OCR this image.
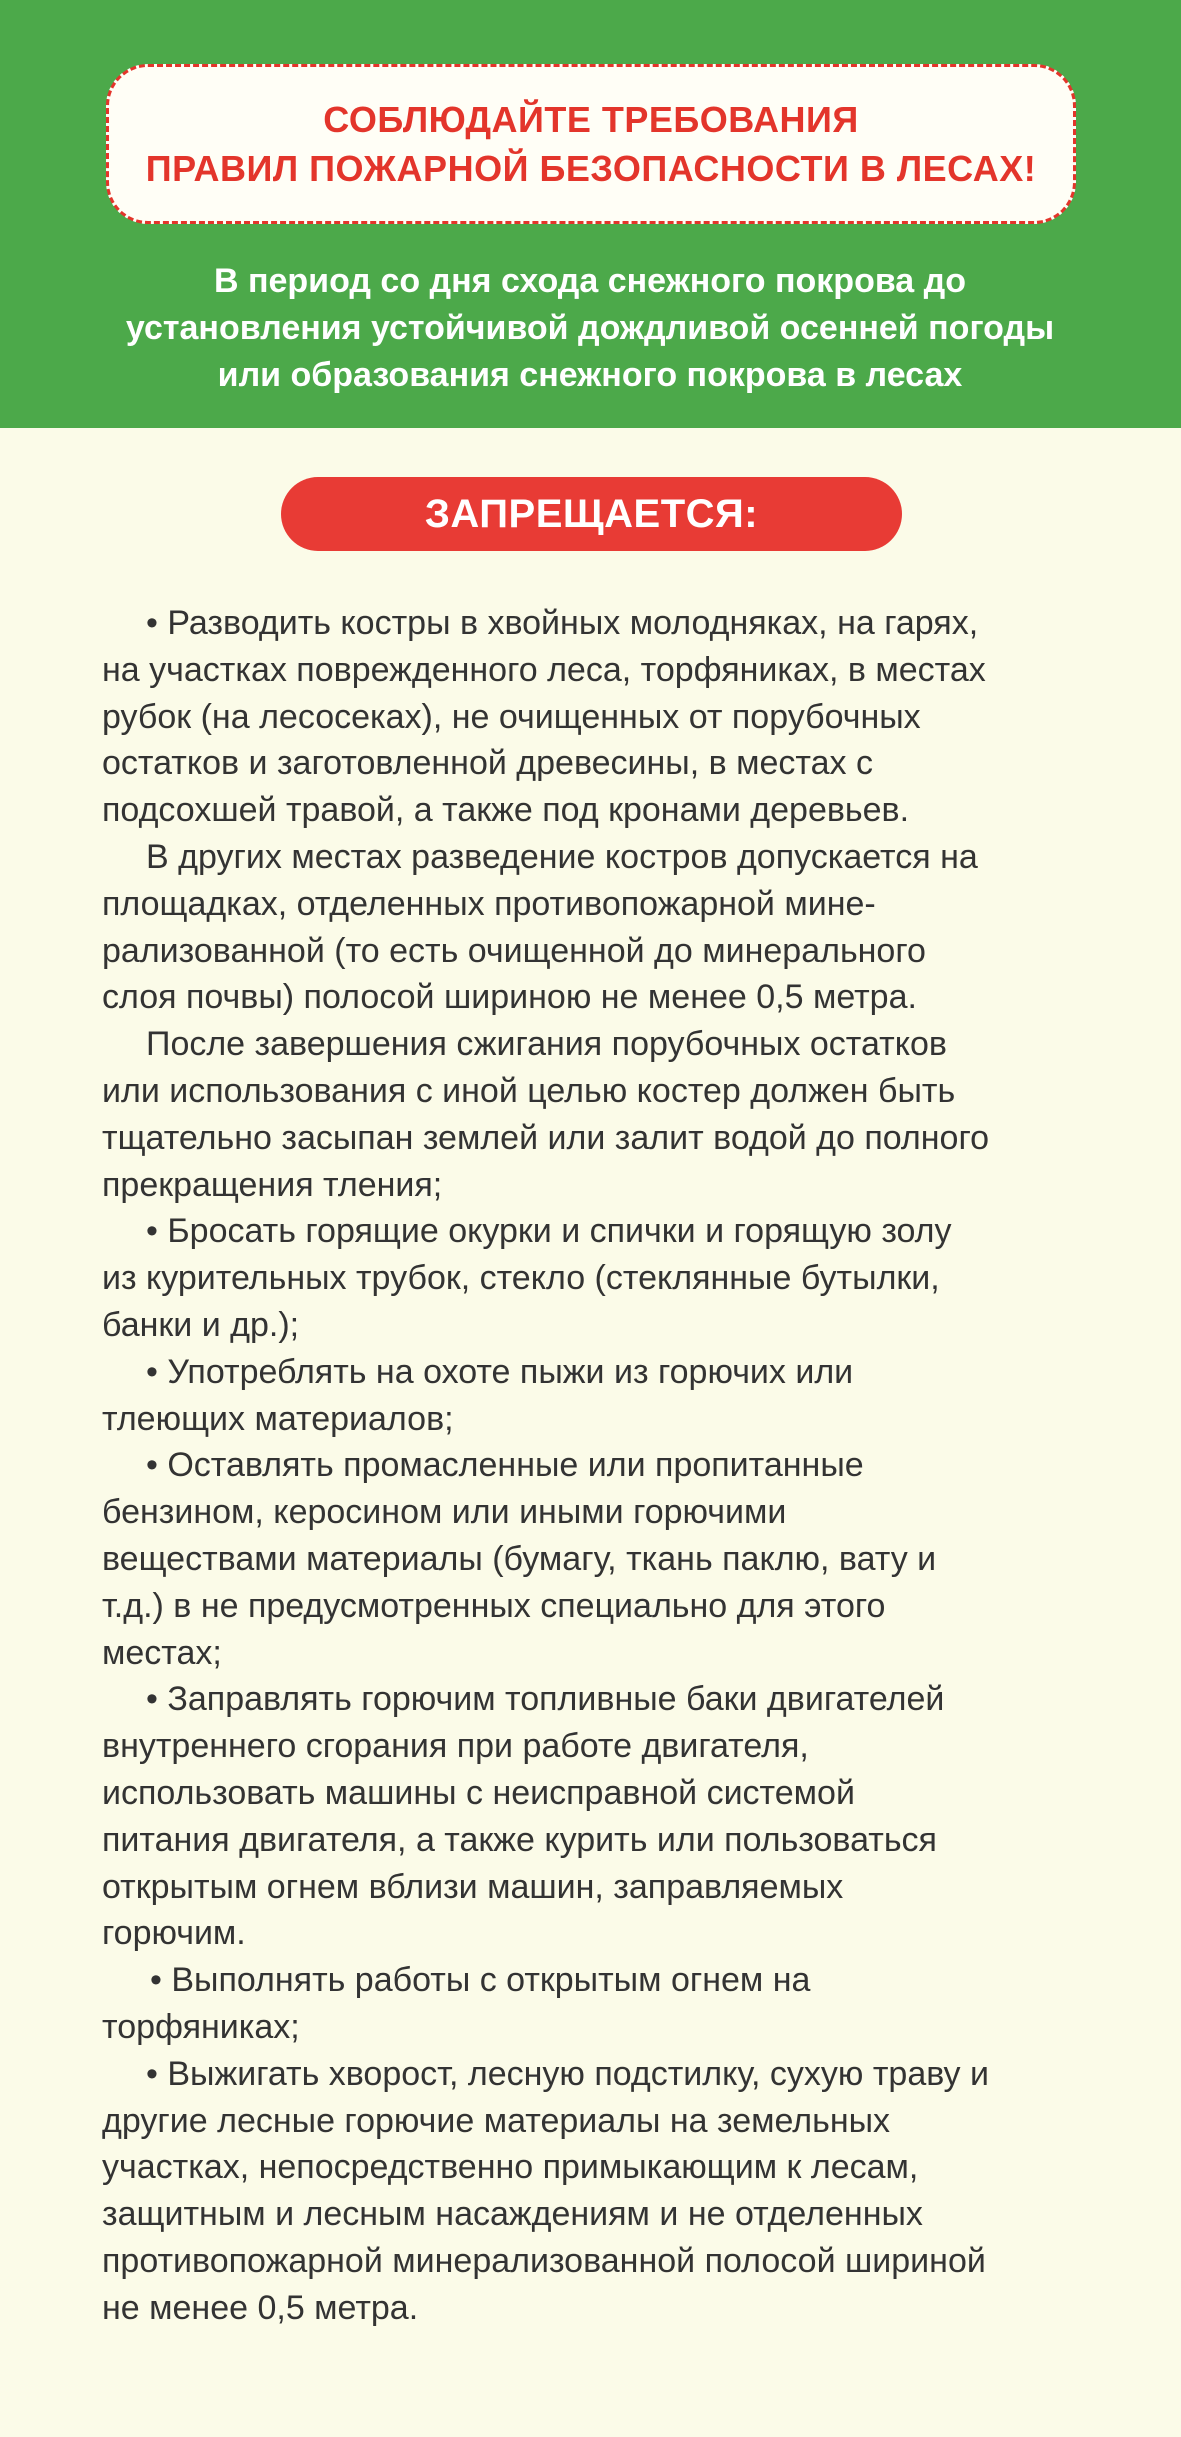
СОБЛЮДАЙТЕ ТРЕБОВАНИЯ
ПРАВИЛ ПОЖАРНОЙ БЕЗОПАСНОСТИ В ЛЕСАХ!
В период со дня схода снежного покрова до
установления устойчивой дождливой осенней погоды
или образования снежного покрова в лесах
ЗАПРЕЩАЕТСЯ:
• Разводить костры в хвойных молодняках, на гарях,
на участках поврежденного леса, торфяниках, в местах
рубок (на лесосеках), не очищенных от порубочных
остатков и заготовленной древесины, в местах с
подсохшей травой, а также под кронами деревьев.
В других местах разведение костров допускается на
площадках, отделенных противопожарной мине-
рализованной (то есть очищенной до минерального
слоя почвы) полосой шириною не менее 0,5 метра.
После завершения сжигания порубочных остатков
или использования с иной целью костер должен быть
тщательно засыпан землей или залит водой до полного
прекращения тления;
• Бросать горящие окурки и спички и горящую золу
из курительных трубок, стекло (стеклянные бутылки,
банки и др.);
• Употреблять на охоте пыжи из горючих или
тлеющих материалов;
• Оставлять промасленные или пропитанные
бензином, керосином или иными горючими
веществами материалы (бумагу, ткань паклю, вату и
т.д.) в не предусмотренных специально для этого
местах;
• Заправлять горючим топливные баки двигателей
внутреннего сгорания при работе двигателя,
использовать машины с неисправной системой
питания двигателя, а также курить или пользоваться
открытым огнем вблизи машин, заправляемых
горючим.
• Выполнять работы с открытым огнем на
торфяниках;
• Выжигать хворост, лесную подстилку, сухую траву и
другие лесные горючие материалы на земельных
участках, непосредственно примыкающим к лесам,
защитным и лесным насаждениям и не отделенных
противопожарной минерализованной полосой шириной
не менее 0,5 метра.
